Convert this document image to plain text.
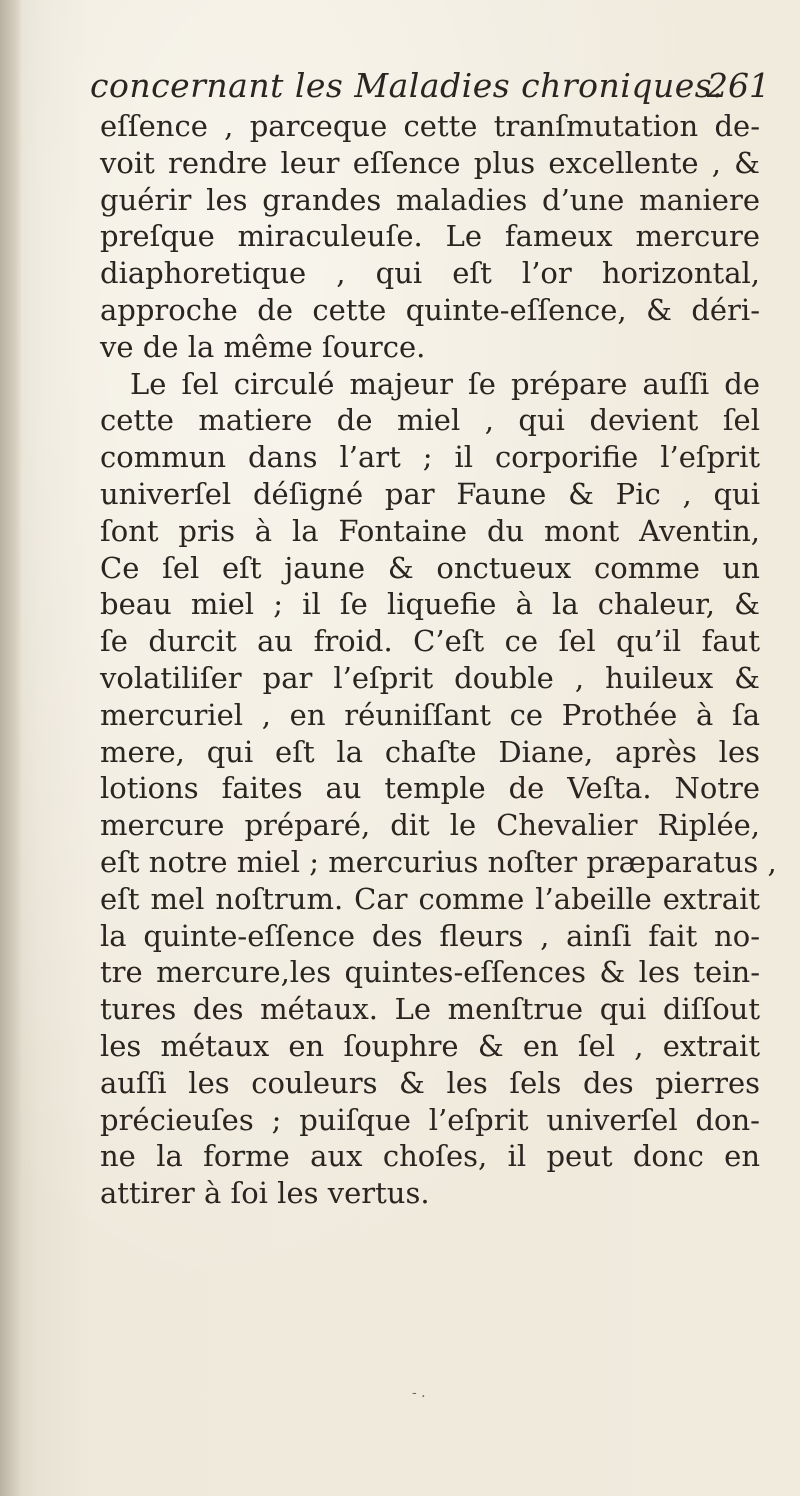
concernant les Maladies chroniques.
261
eſſence , parceque cette tranſmutation de-
voit rendre leur eſſence plus excellente , &
guérir les grandes maladies d’une maniere
preſque miraculeuſe. Le fameux mercure
diaphoretique , qui eſt l’or horizontal,
approche de cette quinte-eſſence, & déri-
ve de la même ſource.
Le ſel circulé majeur ſe prépare auſſi de
cette matiere de miel , qui devient ſel
commun dans l’art ; il corporifie l’eſprit
univerſel déſigné par Faune & Pic , qui
ſont pris à la Fontaine du mont Aventin,
Ce ſel eſt jaune & onctueux comme un
beau miel ; il ſe liquefie à la chaleur, &
ſe durcit au froid. C’eſt ce ſel qu’il faut
volatiliſer par l’eſprit double , huileux &
mercuriel , en réuniſſant ce Prothée à ſa
mere, qui eſt la chaſte Diane, après les
lotions faites au temple de Veſta. Notre
mercure préparé, dit le Chevalier Riplée,
eſt notre miel ; mercurius noſter præparatus ,
eſt mel noſtrum. Car comme l’abeille extrait
la quinte-eſſence des fleurs , ainſi fait no-
tre mercure,les quintes-eſſences & les tein-
tures des métaux. Le menſtrue qui diſſout
les métaux en ſouphre & en ſel , extrait
auſſi les couleurs & les ſels des pierres
précieuſes ; puiſque l’eſprit univerſel don-
ne la forme aux choſes, il peut donc en
attirer à ſoi les vertus.
- .
